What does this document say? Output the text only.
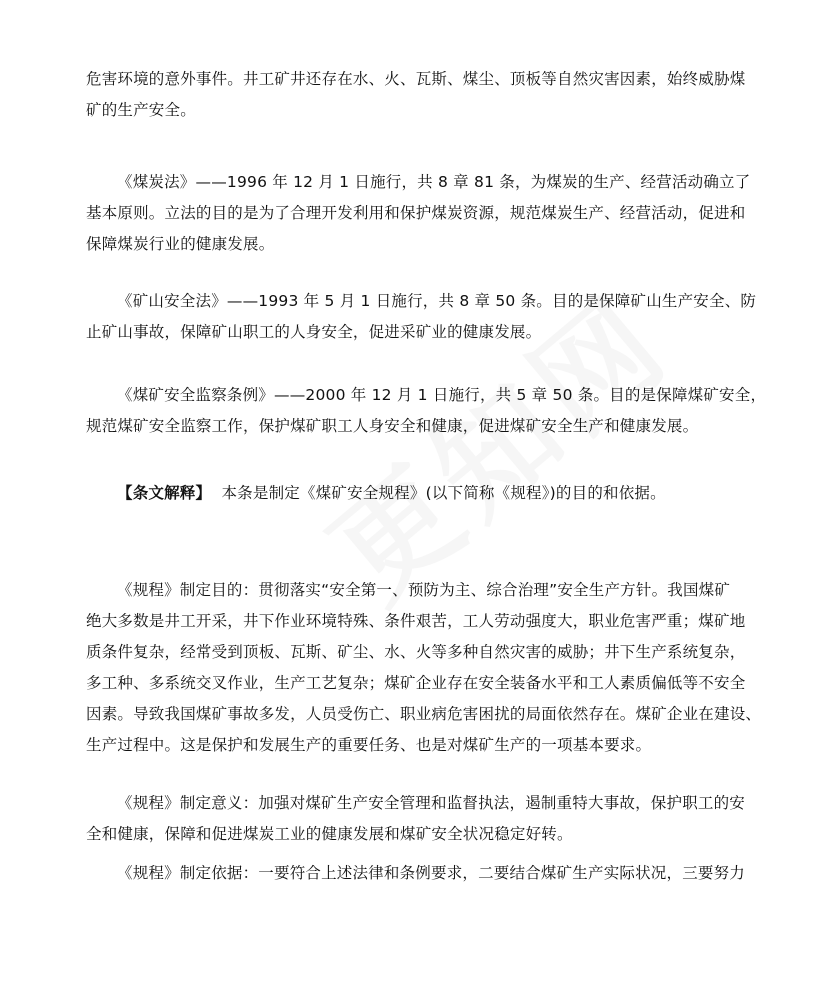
危害环境的意外事件。井工矿井还存在水、火、瓦斯、煤尘、顶板等自然灾害因素，始终威胁煤
矿的生产安全。

《煤炭法》——1996 年 12 月 1 日施行，共 8 章 81 条，为煤炭的生产、经营活动确立了
基本原则。立法的目的是为了合理开发利用和保护煤炭资源，规范煤炭生产、经营活动，促进和
保障煤炭行业的健康发展。

《矿山安全法》——1993 年 5 月 1 日施行，共 8 章 50 条。目的是保障矿山生产安全、防
止矿山事故，保障矿山职工的人身安全，促进采矿业的健康发展。

《煤矿安全监察条例》——2000 年 12 月 1 日施行，共 5 章 50 条。目的是保障煤矿安全，
规范煤矿安全监察工作，保护煤矿职工人身安全和健康，促进煤矿安全生产和健康发展。

【条文解释】 本条是制定《煤矿安全规程》(以下简称《规程》)的目的和依据。

《规程》制定目的：贯彻落实“安全第一、预防为主、综合治理”安全生产方针。我国煤矿
绝大多数是井工开采，井下作业环境特殊、条件艰苦，工人劳动强度大，职业危害严重；煤矿地
质条件复杂，经常受到顶板、瓦斯、矿尘、水、火等多种自然灾害的威胁；井下生产系统复杂，
多工种、多系统交叉作业，生产工艺复杂；煤矿企业存在安全装备水平和工人素质偏低等不安全
因素。导致我国煤矿事故多发，人员受伤亡、职业病危害困扰的局面依然存在。煤矿企业在建设、
生产过程中。这是保护和发展生产的重要任务、也是对煤矿生产的一项基本要求。

《规程》制定意义：加强对煤矿生产安全管理和监督执法，遏制重特大事故，保护职工的安
全和健康，保障和促进煤炭工业的健康发展和煤矿安全状况稳定好转。

《规程》制定依据：一要符合上述法律和条例要求，二要结合煤矿生产实际状况，三要努力
